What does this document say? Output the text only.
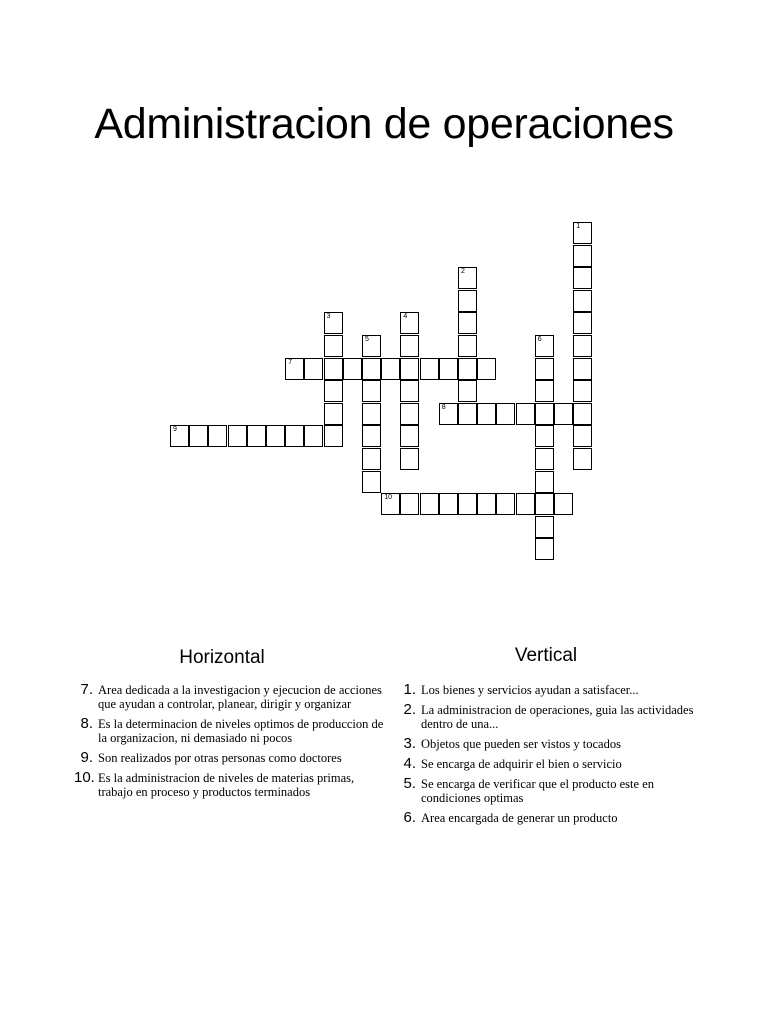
Administracion de operaciones
1
2
3	4
5	6
7
8
9
10
Horizontal	Vertical
7. Area dedicada a la investigacion y ejecucion de acciones que ayudan a controlar, planear, dirigir y organizar
8. Es la determinacion de niveles optimos de produccion de la organizacion, ni demasiado ni pocos
9. Son realizados por otras personas como doctores
10. Es la administracion de niveles de materias primas, trabajo en proceso y productos terminados
1. Los bienes y servicios ayudan a satisfacer...
2. La administracion de operaciones, guia las actividades dentro de una...
3. Objetos que pueden ser vistos y tocados
4. Se encarga de adquirir el bien o servicio
5. Se encarga de verificar que el producto este en condiciones optimas
6. Area encargada de generar un producto
